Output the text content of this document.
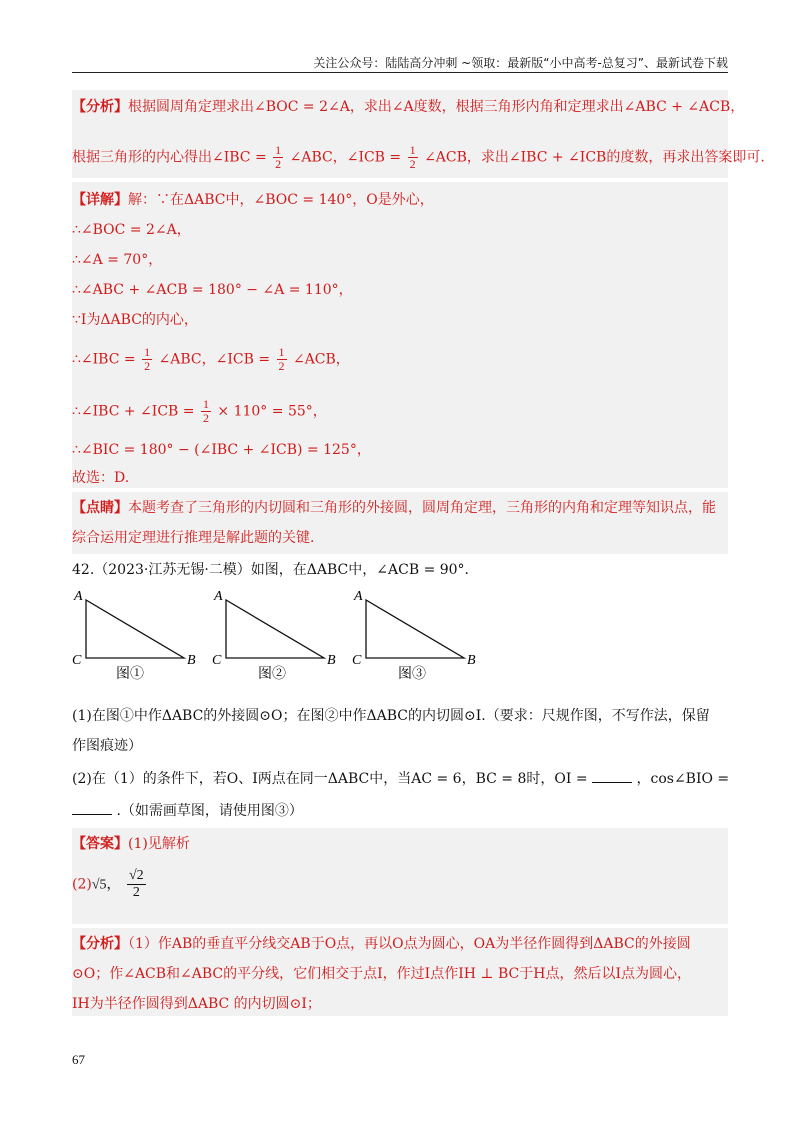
关注公众号：陆陆高分冲刺 ~领取：最新版“小中高考-总复习”、最新试卷下载
【分析】根据圆周角定理求出∠BOC = 2∠A，求出∠A度数，根据三角形内角和定理求出∠ABC + ∠ACB，
根据三角形的内心得出∠IBC = $\frac{1}{2}$ ∠ABC，∠ICB = $\frac{1}{2}$ ∠ACB，求出∠IBC + ∠ICB的度数，再求出答案即可.
【详解】解：∵在ΔABC中，∠BOC = 140°，O是外心，
∴∠BOC = 2∠A，
∴∠A = 70°，
∴∠ABC + ∠ACB = 180° − ∠A = 110°，
∵I为ΔABC的内心，
∴∠IBC = $\frac{1}{2}$ ∠ABC，∠ICB = $\frac{1}{2}$ ∠ACB，
∴∠IBC + ∠ICB = $\frac{1}{2} \times 110^\circ = 55^\circ$，
∴∠BIC = 180° − (∠IBC + ∠ICB) = 125°，
故选：D.
【点睛】本题考查了三角形的内切圆和三角形的外接圆，圆周角定理，三角形的内角和定理等知识点，能
综合运用定理进行推理是解此题的关键.
42.（2023·江苏无锡·二模）如图，在ΔABC中，∠ACB = 90°.
A
C	B
图①
A
C	B
图②
A
C	B
图③
(1)在图①中作ΔABC的外接圆⊙O；在图②中作ΔABC的内切圆⊙I.（要求：尺规作图，不写作法，保留
作图痕迹）
(2)在（1）的条件下，若O、I两点在同一ΔABC中，当AC = 6，BC = 8时，OI =	，cos∠BIO =
.（如需画草图，请使用图③）
【答案】(1)见解析
(2)√5， $\frac{√2}{2}$
【分析】（1）作AB的垂直平分线交AB于O点，再以O点为圆心，OA为半径作圆得到ΔABC的外接圆
⊙O；作∠ACB和∠ABC的平分线，它们相交于点I，作过I点作IH ⊥ BC于H点，然后以I点为圆心，
IH为半径作圆得到ΔABC 的内切圆⊙I；
67
